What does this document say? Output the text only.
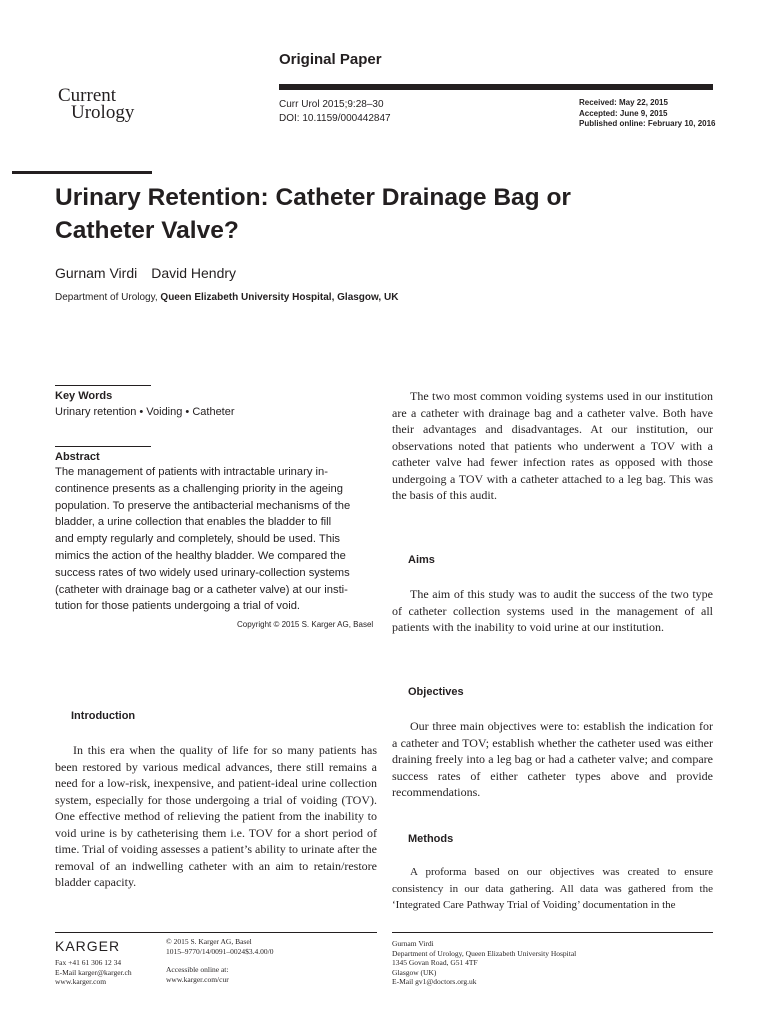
Current
Urology
Original Paper
Curr Urol 2015;9:28–30
DOI: 10.1159/000442847
Received: May 22, 2015
Accepted: June 9, 2015
Published online: February 10, 2016
Urinary Retention: Catheter Drainage Bag or
Catheter Valve?
Gurnam Virdi David Hendry
Department of Urology, Queen Elizabeth University Hospital, Glasgow, UK
Key Words
Urinary retention • Voiding • Catheter
Abstract

The management of patients with intractable urinary in-

continence presents as a challenging priority in the ageing

population. To preserve the antibacterial mechanisms of the

bladder, a urine collection that enables the bladder to fill

and empty regularly and completely, should be used. This

mimics the action of the healthy bladder. We compared the

success rates of two widely used urinary-collection systems

(catheter with drainage bag or a catheter valve) at our insti-

tution for those patients undergoing a trial of void.

Copyright © 2015 S. Karger AG, Basel
Introduction

In this era when the quality of life for so many patients has been restored by various medical advances, there still remains a need for a low-risk, inexpensive, and patient-ideal urine collection system, especially for those undergoing a trial of voiding (TOV). One effective method of relieving the patient from the inability to void urine is by catheterising them i.e. TOV for a short period of time. Trial of voiding assesses a patient’s ability to urinate after the removal of an indwelling catheter with an aim to retain/restore bladder capacity.

The two most common voiding systems used in our institution are a catheter with drainage bag and a catheter valve. Both have their advantages and disadvantages. At our institution, our observations noted that patients who underwent a TOV with a catheter valve had fewer infection rates as opposed with those undergoing a TOV with a catheter attached to a leg bag. This was the basis of this audit.

Aims

The aim of this study was to audit the success of the two type of catheter collection systems used in the management of all patients with the inability to void urine at our institution.

Objectives

Our three main objectives were to: establish the indication for a catheter and TOV; establish whether the catheter used was either draining freely into a leg bag or had a catheter valve; and compare success rates of either catheter types above and provide recommendations.

Methods

A proforma based on our objectives was created to ensure consistency in our data gathering. All data was gathered from the ‘Integrated Care Pathway Trial of Voiding’ documentation in the

KARGER
Fax +41 61 306 12 34
E-Mail karger@karger.ch
www.karger.com
© 2015 S. Karger AG, Basel
1015–9770/14/0091–0024$3.4.00/0
Accessible online at:
www.karger.com/cur
Gurnam Virdi
Department of Urology, Queen Elizabeth University Hospital
1345 Govan Road, G51 4TF
Glasgow (UK)
E-Mail gv1@doctors.org.uk
